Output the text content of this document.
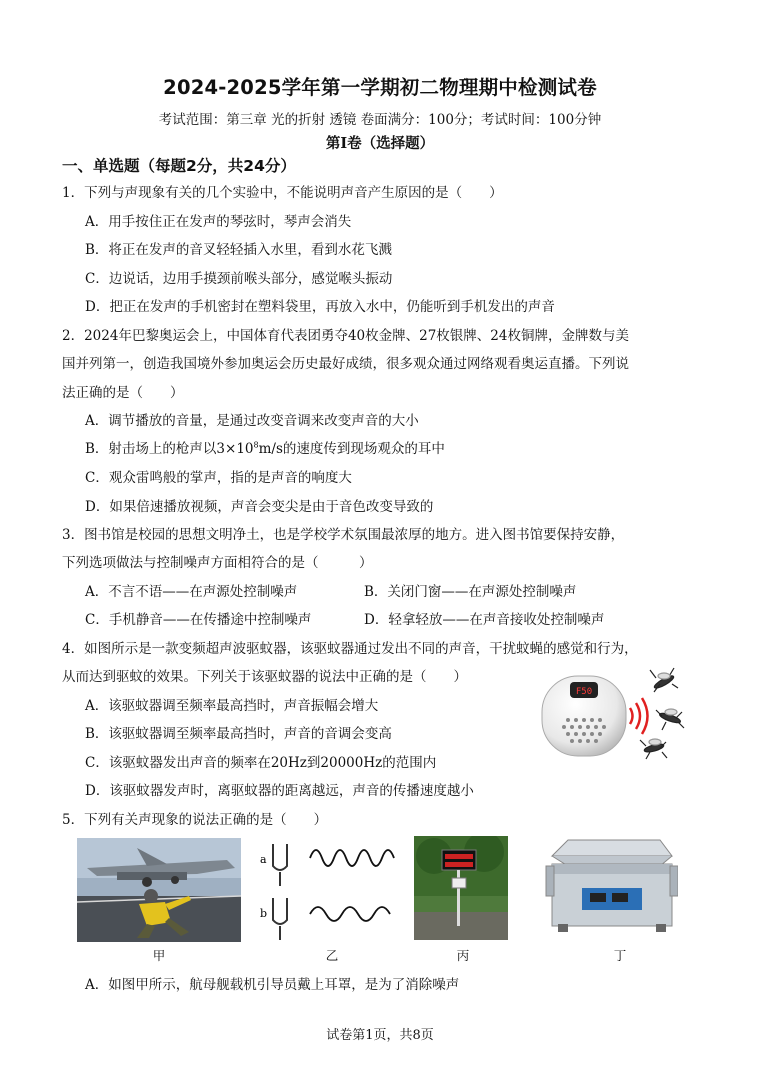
2024-2025学年第一学期初二物理期中检测试卷
考试范围：第三章 光的折射 透镜 卷面满分：100分；考试时间：100分钟
第Ⅰ卷（选择题）
一、单选题（每题2分，共24分）
1．下列与声现象有关的几个实验中，不能说明声音产生原因的是（　　）
A．用手按住正在发声的琴弦时，琴声会消失
B．将正在发声的音叉轻轻插入水里，看到水花飞溅
C．边说话，边用手摸颈前喉头部分，感觉喉头振动
D．把正在发声的手机密封在塑料袋里，再放入水中，仍能听到手机发出的声音
2．2024年巴黎奥运会上，中国体育代表团勇夺40枚金牌、27枚银牌、24枚铜牌，金牌数与美
国并列第一，创造我国境外参加奥运会历史最好成绩，很多观众通过网络观看奥运直播。下列说
法正确的是（　　）
A．调节播放的音量，是通过改变音调来改变声音的大小
B．射击场上的枪声以$3\times 10^8m/s$的速度传到现场观众的耳中
C．观众雷鸣般的掌声，指的是声音的响度大
D．如果倍速播放视频，声音会变尖是由于音色改变导致的
3．图书馆是校园的思想文明净土，也是学校学术氛围最浓厚的地方。进入图书馆要保持安静，
下列选项做法与控制噪声方面相符合的是（　　　）
A．不言不语——在声源处控制噪声	B．关闭门窗——在声源处控制噪声
C．手机静音——在传播途中控制噪声	D．轻拿轻放——在声音接收处控制噪声
4．如图所示是一款变频超声波驱蚊器，该驱蚊器通过发出不同的声音，干扰蚊蝇的感觉和行为，
从而达到驱蚊的效果。下列关于该驱蚊器的说法中正确的是（　　）
A．该驱蚊器调至频率最高挡时，声音振幅会增大
B．该驱蚊器调至频率最高挡时，声音的音调会变高
C．该驱蚊器发出声音的频率在20Hz到20000Hz的范围内
D．该驱蚊器发声时，离驱蚊器的距离越远，声音的传播速度越小
F50
5．下列有关声现象的说法正确的是（　　）
甲
a
b
乙	丙	丁
A．如图甲所示，航母舰载机引导员戴上耳罩，是为了消除噪声
试卷第1页，共8页
